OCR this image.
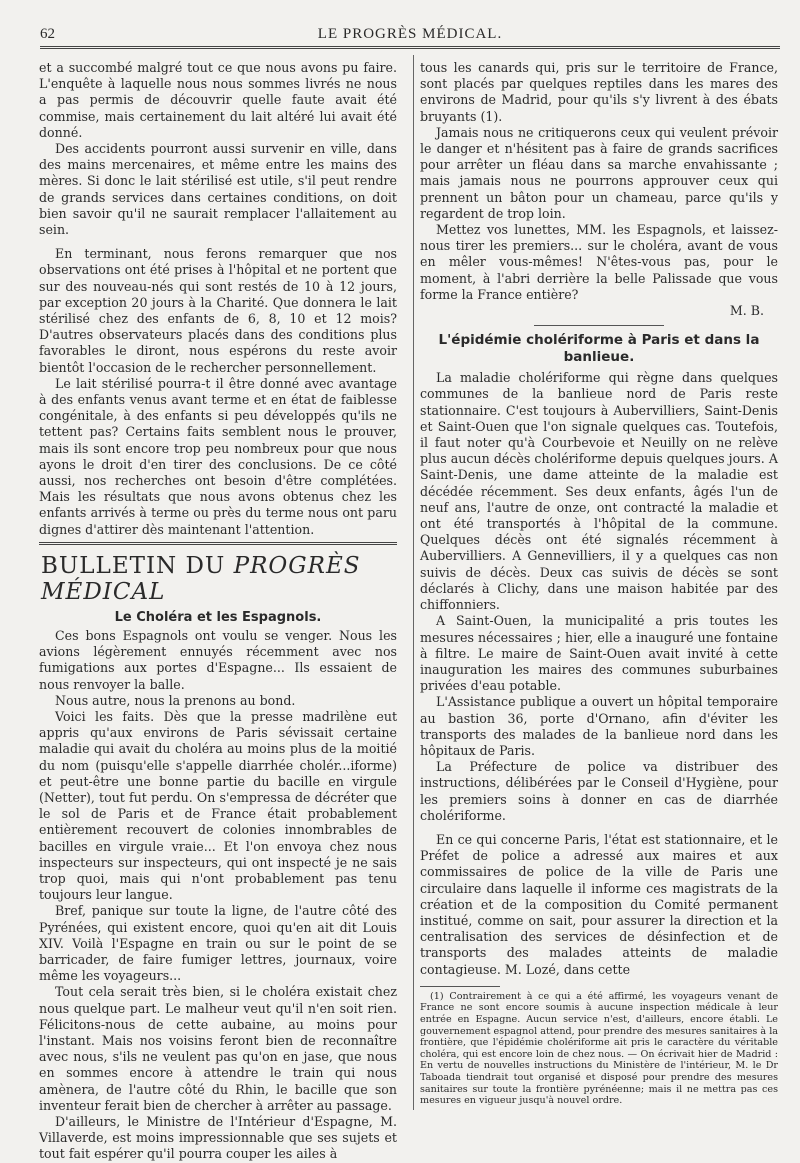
62	LE PROGRÈS MÉDICAL.

et a succombé malgré tout ce que nous avons pu faire. L'enquête à laquelle nous nous sommes livrés ne nous a pas permis de découvrir quelle faute avait été commise, mais certainement du lait altéré lui avait été donné.

Des accidents pourront aussi survenir en ville, dans des mains mercenaires, et même entre les mains des mères. Si donc le lait stérilisé est utile, s'il peut rendre de grands services dans certaines conditions, on doit bien savoir qu'il ne saurait remplacer l'allaitement au sein.

En terminant, nous ferons remarquer que nos observations ont été prises à l'hôpital et ne portent que sur des nouveau-nés qui sont restés de 10 à 12 jours, par exception 20 jours à la Charité. Que donnera le lait stérilisé chez des enfants de 6, 8, 10 et 12 mois? D'autres observateurs placés dans des conditions plus favorables le diront, nous espérons du reste avoir bientôt l'occasion de le rechercher personnellement.

Le lait stérilisé pourra-t il être donné avec avantage à des enfants venus avant terme et en état de faiblesse congénitale, à des enfants si peu développés qu'ils ne tettent pas? Certains faits semblent nous le prouver, mais ils sont encore trop peu nombreux pour que nous ayons le droit d'en tirer des conclusions. De ce côté aussi, nos recherches ont besoin d'être complétées. Mais les résultats que nous avons obtenus chez les enfants arrivés à terme ou près du terme nous ont paru dignes d'attirer dès maintenant l'attention.

BULLETIN DU PROGRÈS MÉDICAL
Le Choléra et les Espagnols.

Ces bons Espagnols ont voulu se venger. Nous les avions légèrement ennuyés récemment avec nos fumigations aux portes d'Espagne... Ils essaient de nous renvoyer la balle.

Nous autre, nous la prenons au bond.

Voici les faits. Dès que la presse madrilène eut appris qu'aux environs de Paris sévissait certaine maladie qui avait du choléra au moins plus de la moitié du nom (puisqu'elle s'appelle diarrhée cholér...iforme) et peut-être une bonne partie du bacille en virgule (Netter), tout fut perdu. On s'empressa de décréter que le sol de Paris et de France était probablement entièrement recouvert de colonies innombrables de bacilles en virgule vraie... Et l'on envoya chez nous inspecteurs sur inspecteurs, qui ont inspecté je ne sais trop quoi, mais qui n'ont probablement pas tenu toujours leur langue.

Bref, panique sur toute la ligne, de l'autre côté des Pyrénées, qui existent encore, quoi qu'en ait dit Louis XIV. Voilà l'Espagne en train ou sur le point de se barricader, de faire fumiger lettres, journaux, voire même les voyageurs...

Tout cela serait très bien, si le choléra existait chez nous quelque part. Le malheur veut qu'il n'en soit rien. Félicitons-nous de cette aubaine, au moins pour l'instant. Mais nos voisins feront bien de reconnaître avec nous, s'ils ne veulent pas qu'on en jase, que nous en sommes encore à attendre le train qui nous amènera, de l'autre côté du Rhin, le bacille que son inventeur ferait bien de chercher à arrêter au passage.

D'ailleurs, le Ministre de l'Intérieur d'Espagne, M. Villaverde, est moins impressionnable que ses sujets et tout fait espérer qu'il pourra couper les ailes à

tous les canards qui, pris sur le territoire de France, sont placés par quelques reptiles dans les mares des environs de Madrid, pour qu'ils s'y livrent à des ébats bruyants (1).

Jamais nous ne critiquerons ceux qui veulent prévoir le danger et n'hésitent pas à faire de grands sacrifices pour arrêter un fléau dans sa marche envahissante ; mais jamais nous ne pourrons approuver ceux qui prennent un bâton pour un chameau, parce qu'ils y regardent de trop loin.

Mettez vos lunettes, MM. les Espagnols, et laissez-nous tirer les premiers... sur le choléra, avant de vous en mêler vous-mêmes! N'êtes-vous pas, pour le moment, à l'abri derrière la belle Palissade que vous forme la France entière?

M. B.
L'épidémie cholériforme à Paris et dans la banlieue.

La maladie cholériforme qui règne dans quelques communes de la banlieue nord de Paris reste stationnaire. C'est toujours à Aubervilliers, Saint-Denis et Saint-Ouen que l'on signale quelques cas. Toutefois, il faut noter qu'à Courbevoie et Neuilly on ne relève plus aucun décès cholériforme depuis quelques jours. A Saint-Denis, une dame atteinte de la maladie est décédée récemment. Ses deux enfants, âgés l'un de neuf ans, l'autre de onze, ont contracté la maladie et ont été transportés à l'hôpital de la commune. Quelques décès ont été signalés récemment à Aubervilliers. A Gennevilliers, il y a quelques cas non suivis de décès. Deux cas suivis de décès se sont déclarés à Clichy, dans une maison habitée par des chiffonniers.

A Saint-Ouen, la municipalité a pris toutes les mesures nécessaires ; hier, elle a inauguré une fontaine à filtre. Le maire de Saint-Ouen avait invité à cette inauguration les maires des communes suburbaines privées d'eau potable.

L'Assistance publique a ouvert un hôpital temporaire au bastion 36, porte d'Ornano, afin d'éviter les transports des malades de la banlieue nord dans les hôpitaux de Paris.

La Préfecture de police va distribuer des instructions, délibérées par le Conseil d'Hygiène, pour les premiers soins à donner en cas de diarrhée cholériforme.

En ce qui concerne Paris, l'état est stationnaire, et le Préfet de police a adressé aux maires et aux commissaires de police de la ville de Paris une circulaire dans laquelle il informe ces magistrats de la création et de la composition du Comité permanent institué, comme on sait, pour assurer la direction et la centralisation des services de désinfection et de transports des malades atteints de maladie contagieuse. M. Lozé, dans cette

(1) Contrairement à ce qui a été affirmé, les voyageurs venant de France ne sont encore soumis à aucune inspection médicale à leur entrée en Espagne. Aucun service n'est, d'ailleurs, encore établi. Le gouvernement espagnol attend, pour prendre des mesures sanitaires à la frontière, que l'épidémie cholériforme ait pris le caractère du véritable choléra, qui est encore loin de chez nous. — On écrivait hier de Madrid : En vertu de nouvelles instructions du Ministère de l'intérieur, M. le Dr Taboada tiendrait tout organisé et disposé pour prendre des mesures sanitaires sur toute la frontière pyrénéenne; mais il ne mettra pas ces mesures en vigueur jusqu'à nouvel ordre.
